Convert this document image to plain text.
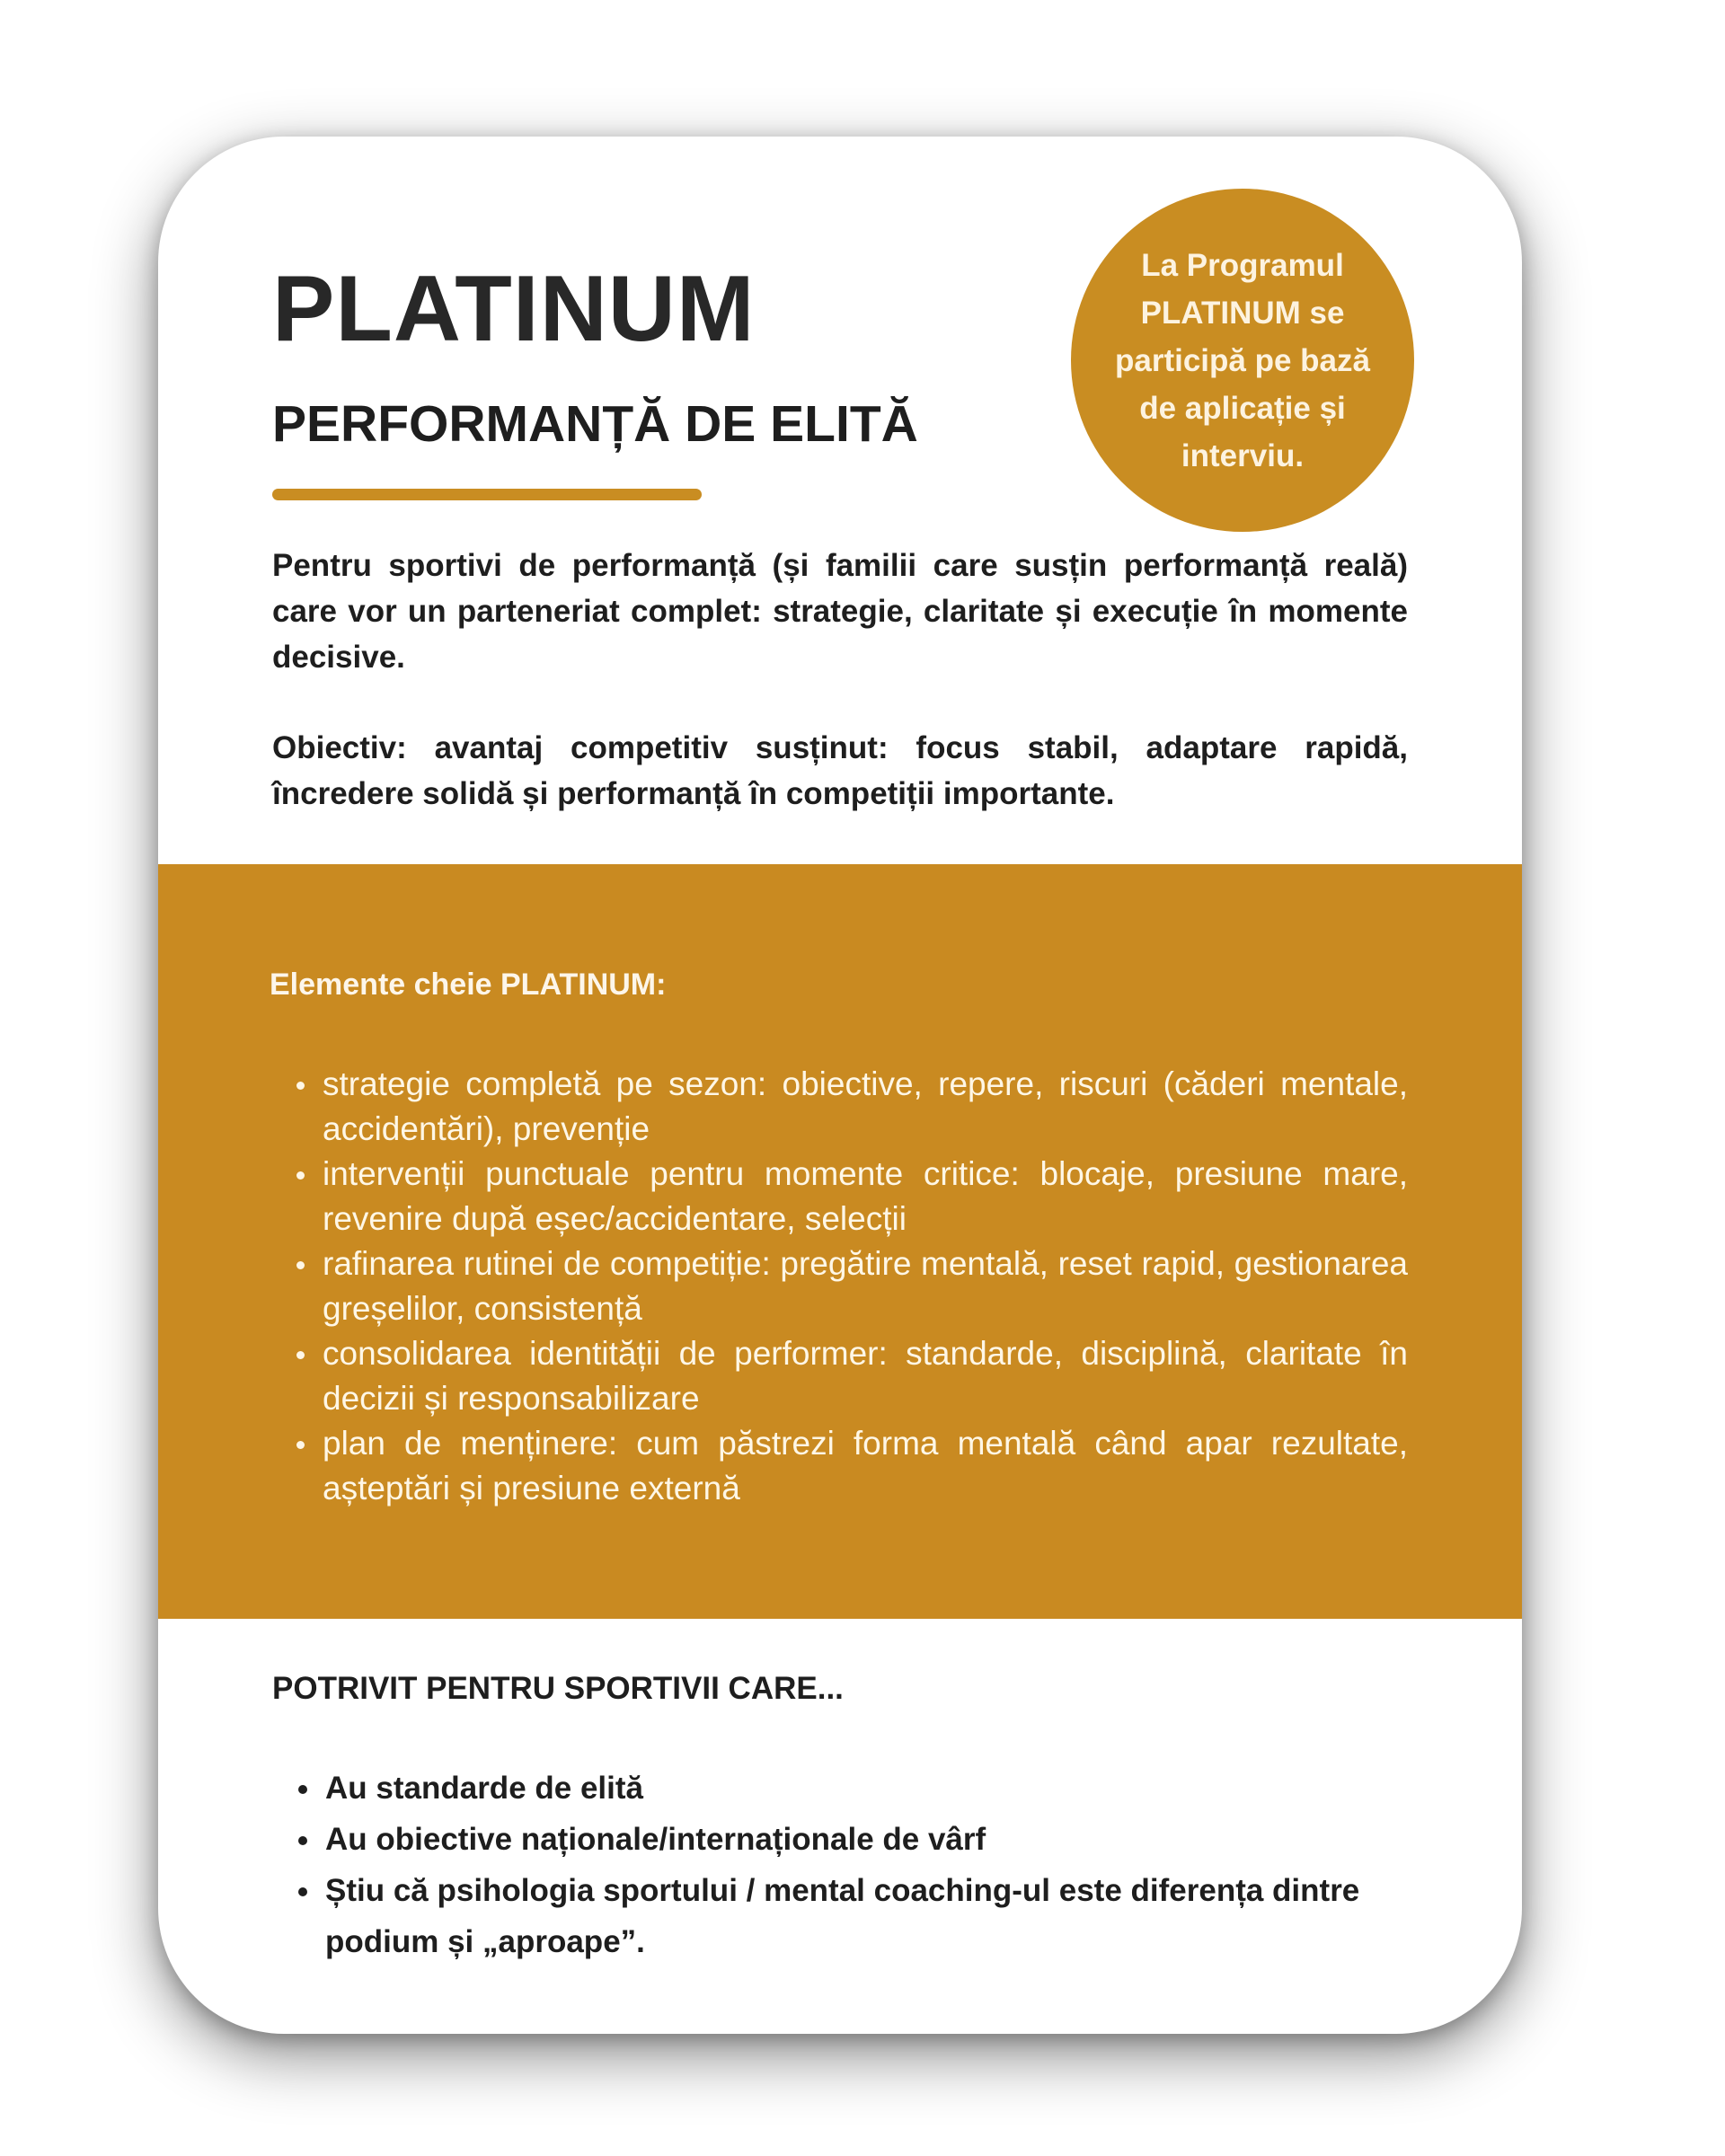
PLATINUM
PERFORMANȚĂ DE ELITĂ
La Programul PLATINUM se participă pe bază de aplicație și interviu.

Pentru sportivi de performanță (și familii care susțin performanță reală) care vor un parteneriat complet: strategie, claritate și execuție în momente decisive.

Obiectiv: avantaj competitiv susținut: focus stabil, adaptare rapidă, încredere solidă și performanță în competiții importante.

Elemente cheie PLATINUM:
strategie completă pe sezon: obiective, repere, riscuri (căderi mentale, accidentări), prevenție
intervenții punctuale pentru momente critice: blocaje, presiune mare, revenire după eșec/accidentare, selecții
rafinarea rutinei de competiție: pregătire mentală, reset rapid, gestionarea greșelilor, consistență
consolidarea identității de performer: standarde, disciplină, claritate în decizii și responsabilizare
plan de menținere: cum păstrezi forma mentală când apar rezultate, așteptări și presiune externă
POTRIVIT PENTRU SPORTIVII CARE...
Au standarde de elită
Au obiective naționale/internaționale de vârf
Știu că psihologia sportului / mental coaching-ul este diferența dintre podium și „aproape”.
